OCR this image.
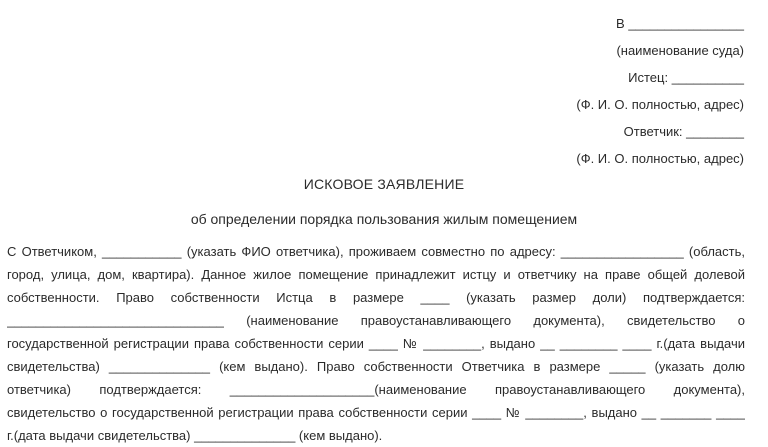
В ________________
(наименование суда)
Истец: __________
(Ф. И. О. полностью, адрес)
Ответчик: ________
(Ф. И. О. полностью, адрес)
ИСКОВОЕ ЗАЯВЛЕНИЕ
об определении порядка пользования жилым помещением
С Ответчиком, ___________ (указать ФИО ответчика), проживаем совместно по адресу: _________________ (область,
город, улица, дом, квартира). Данное жилое помещение принадлежит истцу и ответчику на праве общей долевой
собственности. Право собственности Истца в размере ____ (указать размер доли) подтверждается:
______________________________ (наименование правоустанавливающего документа), свидетельство о
государственной регистрации права собственности серии ____ № ________, выдано __ ________ ____ г.(дата выдачи
свидетельства) ______________ (кем выдано). Право собственности Ответчика в размере _____ (указать долю
ответчика) подтверждается: ____________________(наименование правоустанавливающего документа),
свидетельство о государственной регистрации права собственности серии ____ № ________, выдано __ _______ ____
г.(дата выдачи свидетельства) ______________ (кем выдано).
